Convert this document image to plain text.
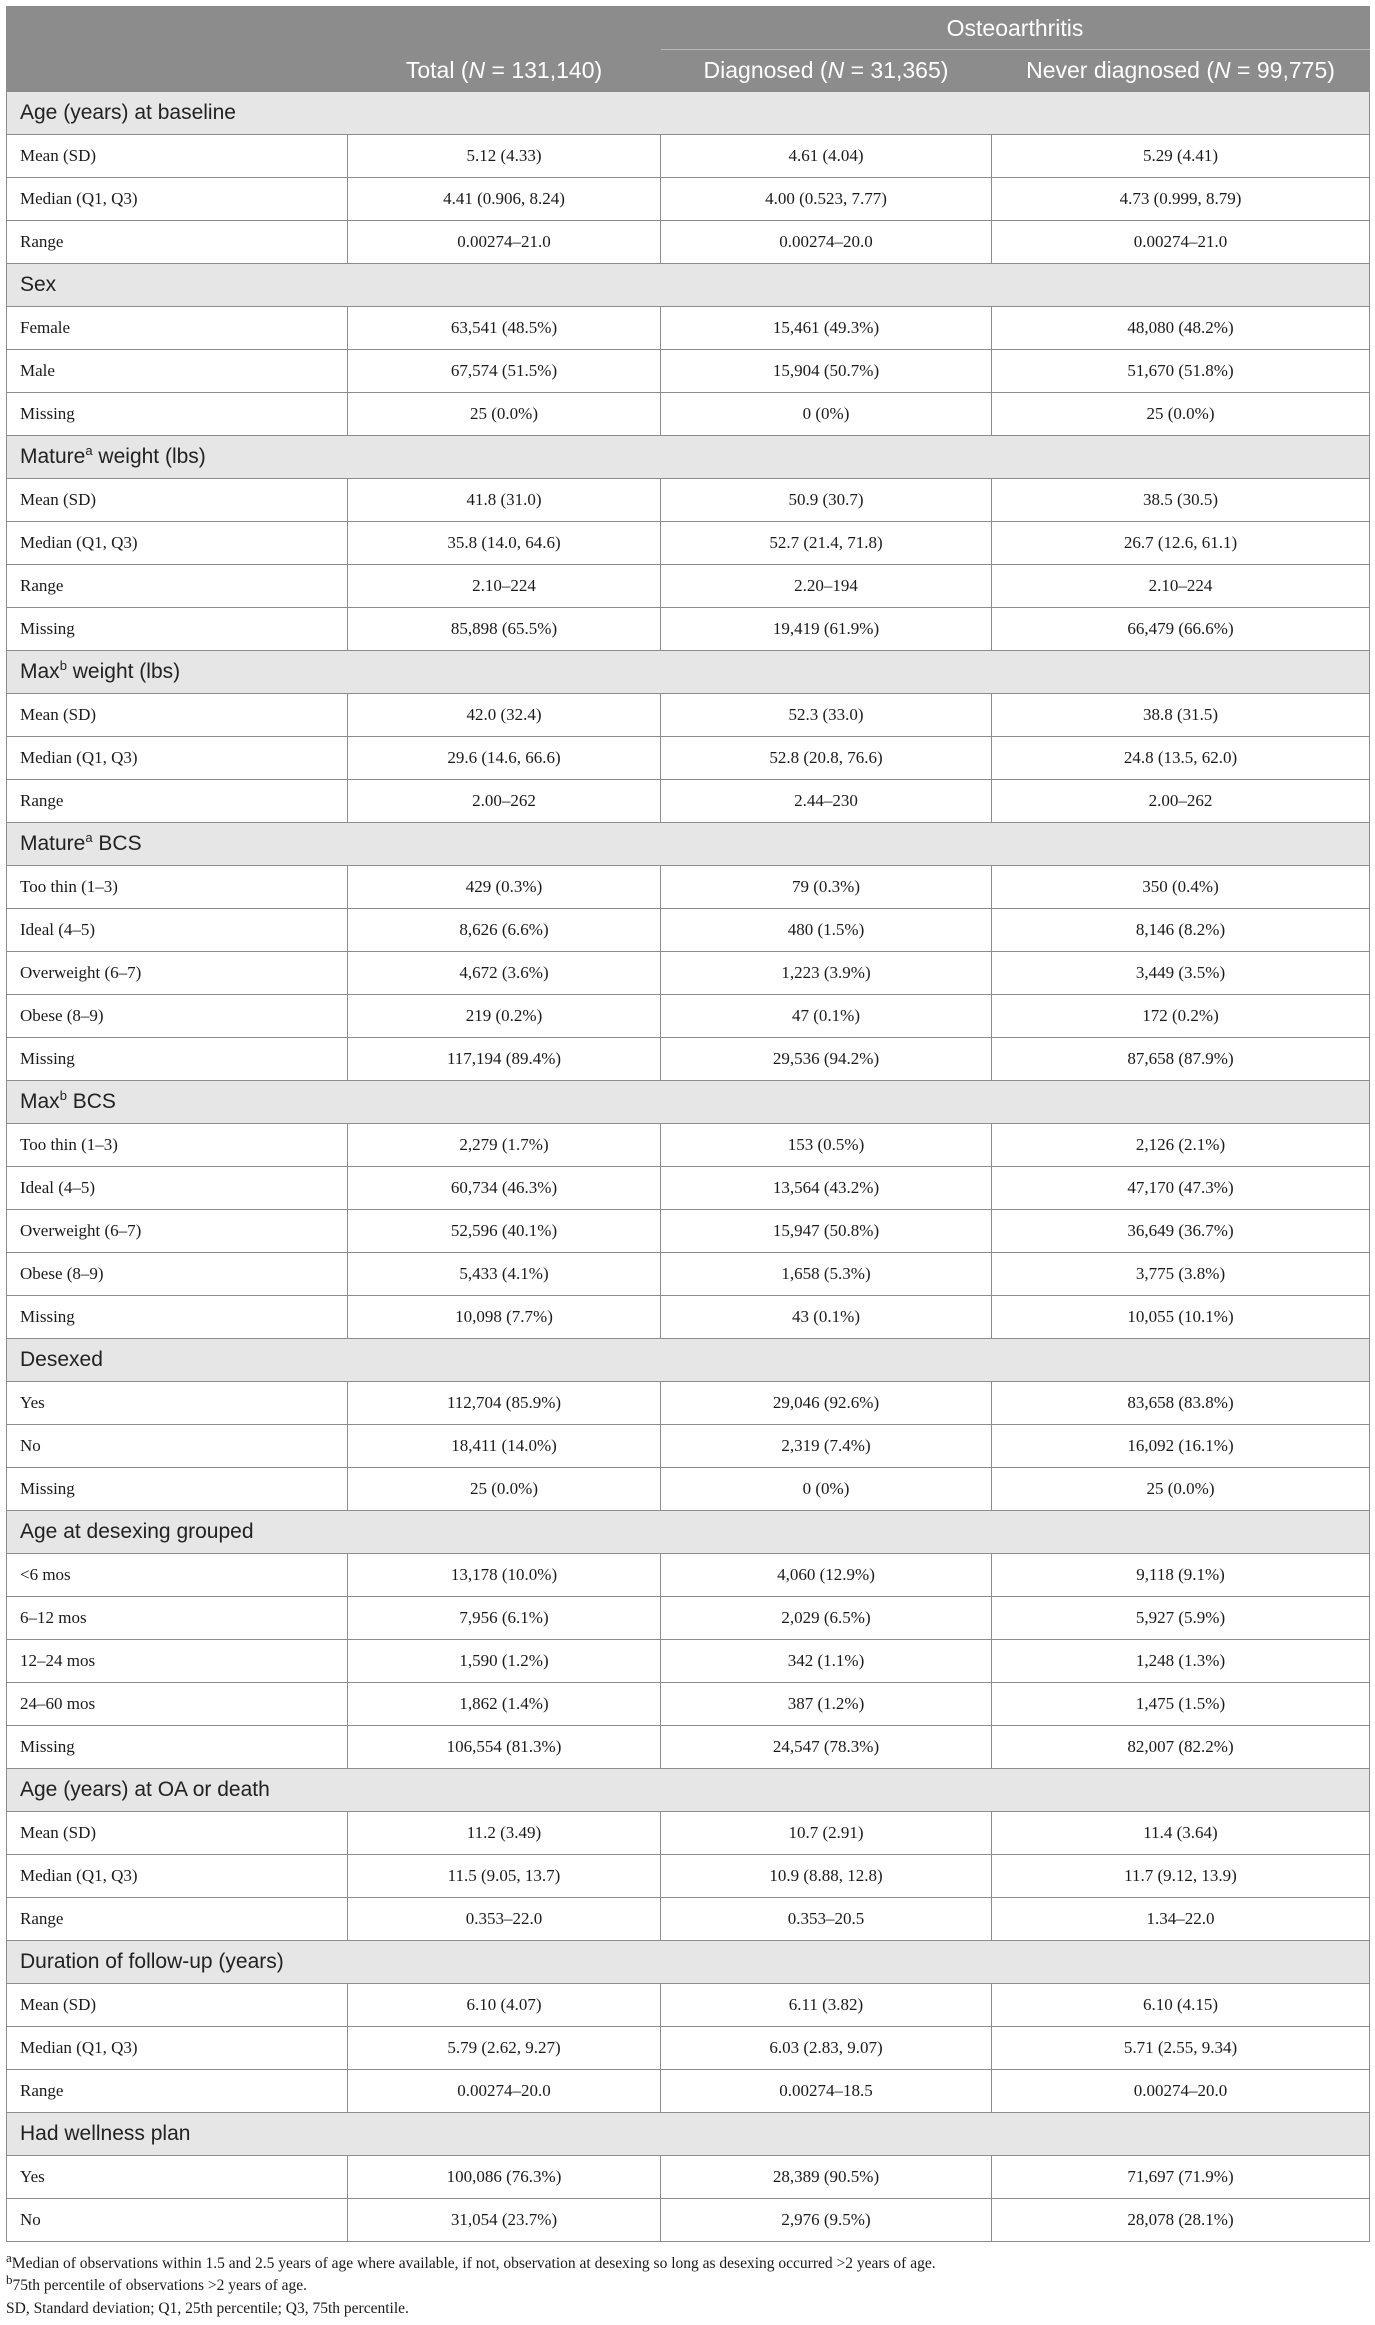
		Osteoarthritis	
	Total (N = 131,140)	Diagnosed (N = 31,365)	Never diagnosed (N = 99,775)
Age (years) at baseline			
Mean (SD)	5.12 (4.33)	4.61 (4.04)	5.29 (4.41)
Median (Q1, Q3)	4.41 (0.906, 8.24)	4.00 (0.523, 7.77)	4.73 (0.999, 8.79)
Range	0.00274–21.0	0.00274–20.0	0.00274–21.0
Sex			
Female	63,541 (48.5%)	15,461 (49.3%)	48,080 (48.2%)
Male	67,574 (51.5%)	15,904 (50.7%)	51,670 (51.8%)
Missing	25 (0.0%)	0 (0%)	25 (0.0%)
Mature$^a$ weight (lbs)			
Mean (SD)	41.8 (31.0)	50.9 (30.7)	38.5 (30.5)
Median (Q1, Q3)	35.8 (14.0, 64.6)	52.7 (21.4, 71.8)	26.7 (12.6, 61.1)
Range	2.10–224	2.20–194	2.10–224
Missing	85,898 (65.5%)	19,419 (61.9%)	66,479 (66.6%)
Max$^b$ weight (lbs)			
Mean (SD)	42.0 (32.4)	52.3 (33.0)	38.8 (31.5)
Median (Q1, Q3)	29.6 (14.6, 66.6)	52.8 (20.8, 76.6)	24.8 (13.5, 62.0)
Range	2.00–262	2.44–230	2.00–262
Mature$^a$ BCS			
Too thin (1–3)	429 (0.3%)	79 (0.3%)	350 (0.4%)
Ideal (4–5)	8,626 (6.6%)	480 (1.5%)	8,146 (8.2%)
Overweight (6–7)	4,672 (3.6%)	1,223 (3.9%)	3,449 (3.5%)
Obese (8–9)	219 (0.2%)	47 (0.1%)	172 (0.2%)
Missing	117,194 (89.4%)	29,536 (94.2%)	87,658 (87.9%)
Max$^b$ BCS			
Too thin (1–3)	2,279 (1.7%)	153 (0.5%)	2,126 (2.1%)
Ideal (4–5)	60,734 (46.3%)	13,564 (43.2%)	47,170 (47.3%)
Overweight (6–7)	52,596 (40.1%)	15,947 (50.8%)	36,649 (36.7%)
Obese (8–9)	5,433 (4.1%)	1,658 (5.3%)	3,775 (3.8%)
Missing	10,098 (7.7%)	43 (0.1%)	10,055 (10.1%)
Desexed			
Yes	112,704 (85.9%)	29,046 (92.6%)	83,658 (83.8%)
No	18,411 (14.0%)	2,319 (7.4%)	16,092 (16.1%)
Missing	25 (0.0%)	0 (0%)	25 (0.0%)
Age at desexing grouped			
<6 mos	13,178 (10.0%)	4,060 (12.9%)	9,118 (9.1%)
6–12 mos	7,956 (6.1%)	2,029 (6.5%)	5,927 (5.9%)
12–24 mos	1,590 (1.2%)	342 (1.1%)	1,248 (1.3%)
24–60 mos	1,862 (1.4%)	387 (1.2%)	1,475 (1.5%)
Missing	106,554 (81.3%)	24,547 (78.3%)	82,007 (82.2%)
Age (years) at OA or death			
Mean (SD)	11.2 (3.49)	10.7 (2.91)	11.4 (3.64)
Median (Q1, Q3)	11.5 (9.05, 13.7)	10.9 (8.88, 12.8)	11.7 (9.12, 13.9)
Range	0.353–22.0	0.353–20.5	1.34–22.0
Duration of follow-up (years)			
Mean (SD)	6.10 (4.07)	6.11 (3.82)	6.10 (4.15)
Median (Q1, Q3)	5.79 (2.62, 9.27)	6.03 (2.83, 9.07)	5.71 (2.55, 9.34)
Range	0.00274–20.0	0.00274–18.5	0.00274–20.0
Had wellness plan			
Yes	100,086 (76.3%)	28,389 (90.5%)	71,697 (71.9%)
No	31,054 (23.7%)	2,976 (9.5%)	28,078 (28.1%)

$^a$Median of observations within 1.5 and 2.5 years of age where available, if not, observation at desexing so long as desexing occurred >2 years of age.

$^b$75th percentile of observations >2 years of age.

SD, Standard deviation; Q1, 25th percentile; Q3, 75th percentile.
